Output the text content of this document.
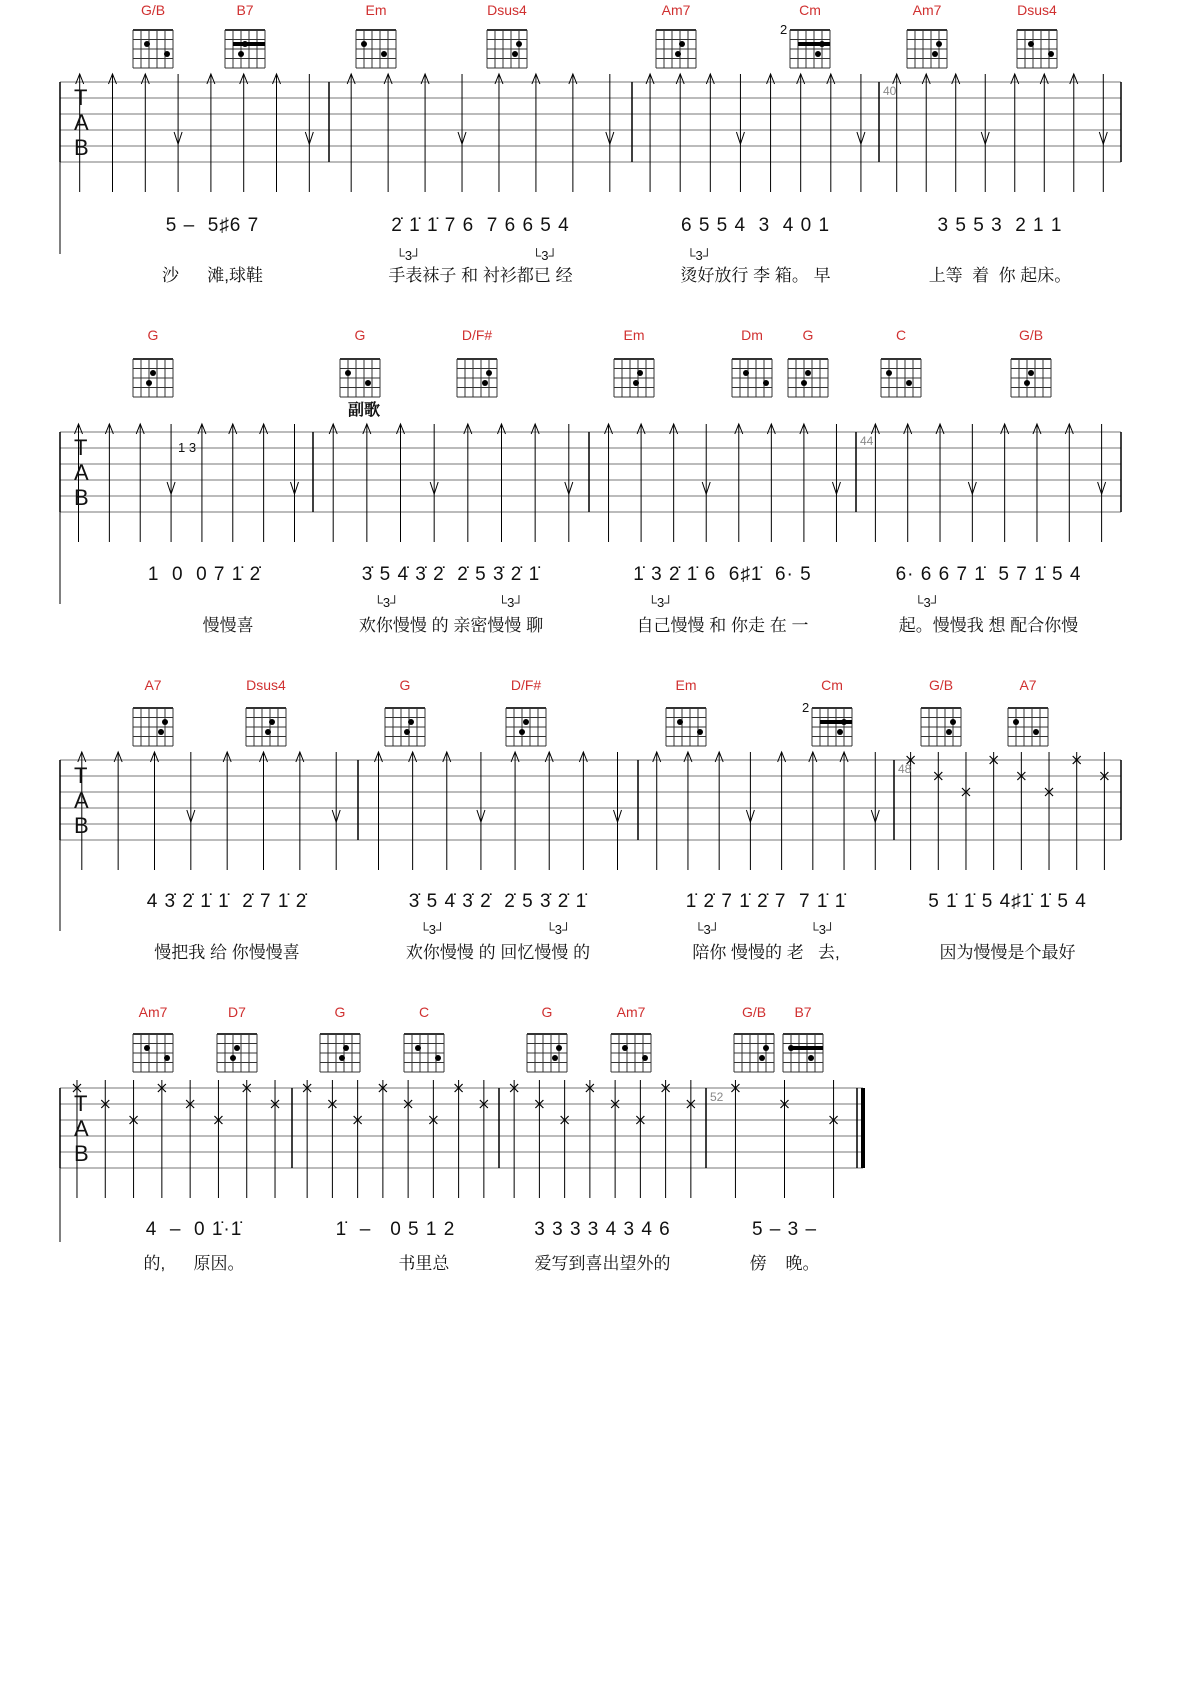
G/B	B7	Em	Dsus4	Am7	Cm	Am7	Dsus4
T
A
B
40
5 –  5♯6 7
沙      滩,球鞋
2̇ 1̇ 1̇ 7 6  7 6 6 5 4
└3┘	└3┘
手表袜子 和 衬衫都已 经
6 5 5 4  3  4 0 1
└3┘
烫好放行 李 箱。 早
3 5 5 3  2 1 1
上等  着  你 起床。
G	G	D/F#	Em	Dm	G	C	G/B
T
A
B
44
1  0  0 7 1̇ 2̇
慢慢喜
3̇ 5 4̇ 3̇ 2̇  2̇ 5 3̇ 2̇ 1̇
└3┘	└3┘
欢你慢慢 的 亲密慢慢 聊
1̇ 3 2̇ 1̇ 6  6♯1̇  6· 5
└3┘
自己慢慢 和 你走 在 一
6· 6 6 7 1̇  5 7 1̇ 5 4
└3┘
起。慢慢我 想 配合你慢
副歌
1 3
A7	Dsus4	G	D/F#	Em	Cm	G/B	A7
T
A
B
48
4 3̇ 2̇ 1̇ 1̇  2̇ 7 1̇ 2̇
慢把我 给 你慢慢喜
3̇ 5 4̇ 3̇ 2̇  2̇ 5 3̇ 2̇ 1̇
└3┘	└3┘
欢你慢慢 的 回忆慢慢 的
1̇ 2̇ 7 1̇ 2̇ 7  7 1̇ 1̇
└3┘	└3┘
陪你 慢慢的 老   去,
5 1̇ 1̇ 5 4♯1̇ 1̇ 5 4
因为慢慢是个最好
Am7	D7	G	C	G	Am7	G/B B7
T
A
B
52
4  –  0 1̇·1̇
的,      原因。
1̇  –   0 5 1 2
书里总
3 3 3 3 4 3 4 6
爱写到喜出望外的
5 – 3 –
傍    晚。
2
2
